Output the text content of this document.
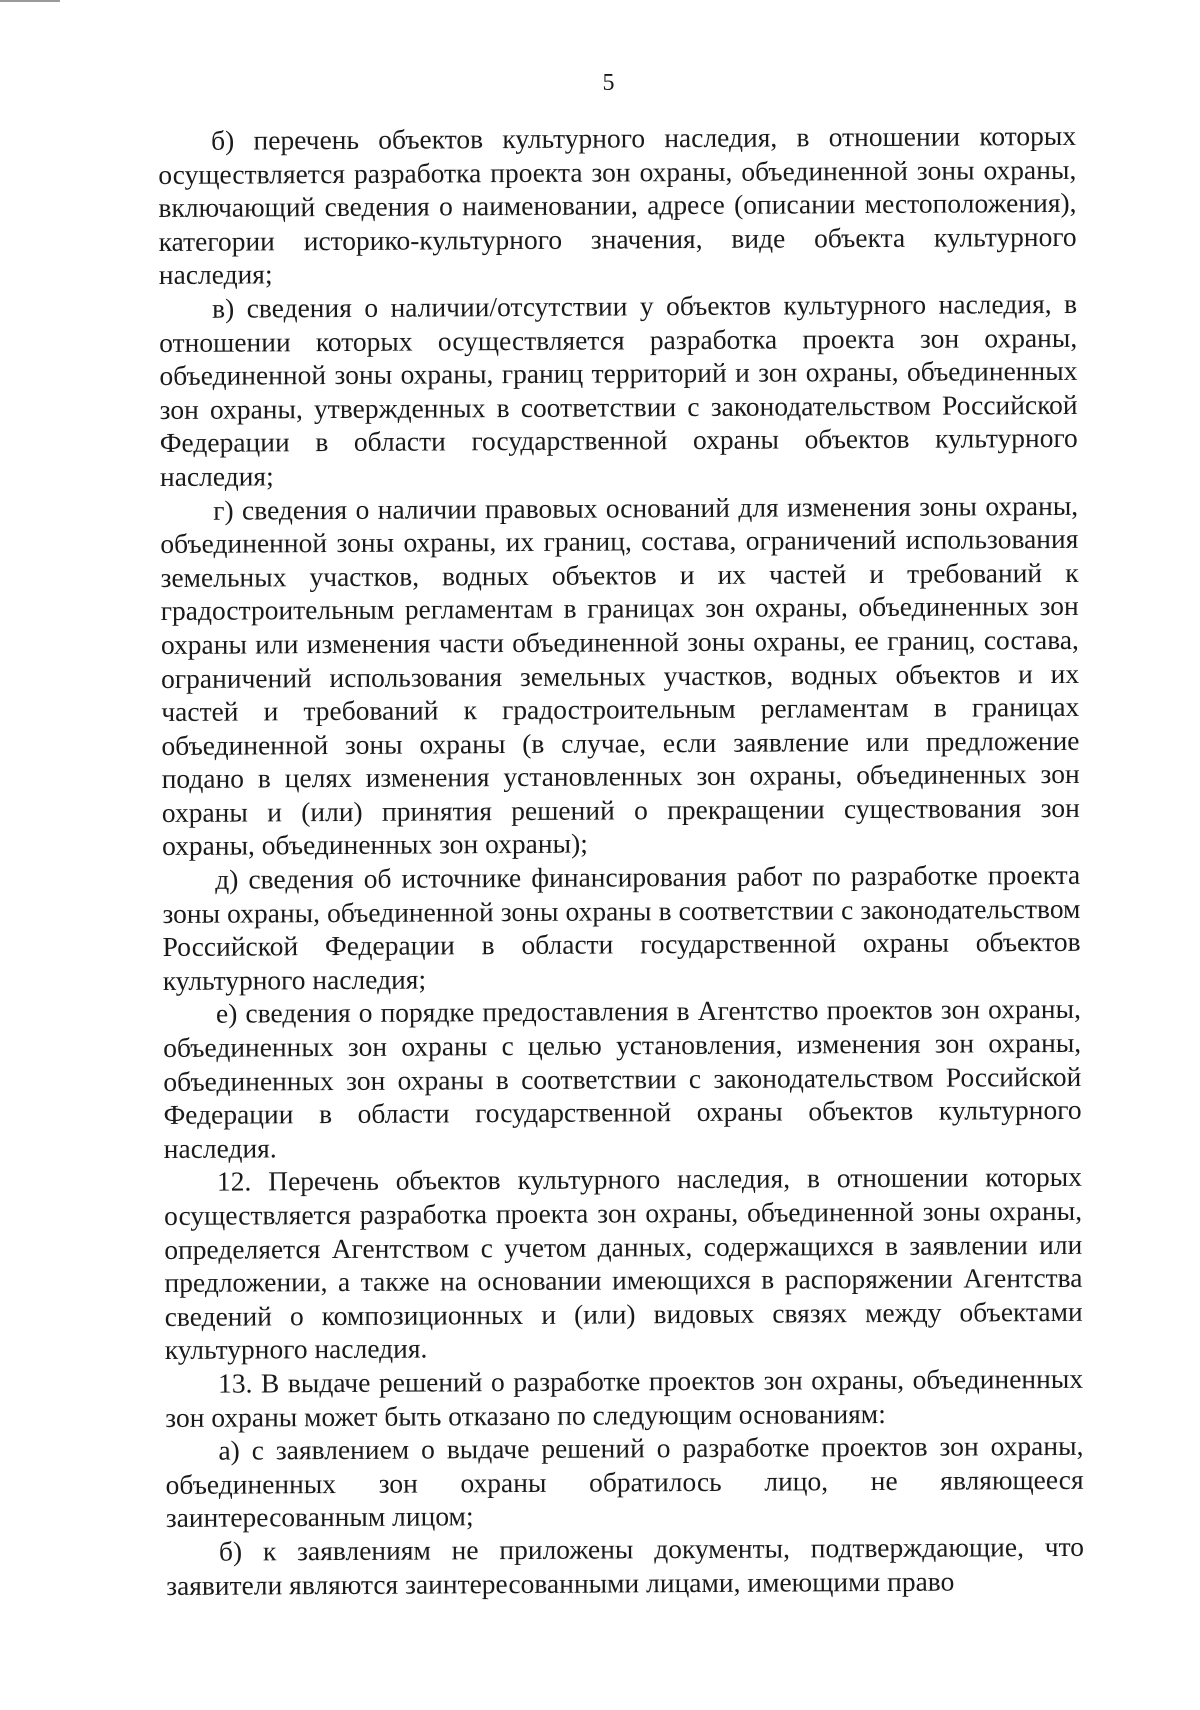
5

б) перечень объектов культурного наследия, в отношении которых осуществляется разработка проекта зон охраны, объединенной зоны охраны, включающий сведения о наименовании, адресе (описании местоположения), категории историко-культурного значения, виде объекта культурного наследия;

в) сведения о наличии/отсутствии у объектов культурного наследия, в отношении которых осуществляется разработка проекта зон охраны, объединенной зоны охраны, границ территорий и зон охраны, объединенных зон охраны, утвержденных в соответствии с законодательством Российской Федерации в области государственной охраны объектов культурного наследия;

г) сведения о наличии правовых оснований для изменения зоны охраны, объединенной зоны охраны, их границ, состава, ограничений использования земельных участков, водных объектов и их частей и требований к градостроительным регламентам в границах зон охраны, объединенных зон охраны или изменения части объединенной зоны охраны, ее границ, состава, ограничений использования земельных участков, водных объектов и их частей и требований к градостроительным регламентам в границах объединенной зоны охраны (в случае, если заявление или предложение подано в целях изменения установленных зон охраны, объединенных зон охраны и (или) принятия решений о прекращении существования зон охраны, объединенных зон охраны);

д) сведения об источнике финансирования работ по разработке проекта зоны охраны, объединенной зоны охраны в соответствии с законодательством Российской Федерации в области государственной охраны объектов культурного наследия;

е) сведения о порядке предоставления в Агентство проектов зон охраны, объединенных зон охраны с целью установления, изменения зон охраны, объединенных зон охраны в соответствии с законодательством Российской Федерации в области государственной охраны объектов культурного наследия.

12. Перечень объектов культурного наследия, в отношении которых осуществляется разработка проекта зон охраны, объединенной зоны охраны, определяется Агентством с учетом данных, содержащихся в заявлении или предложении, а также на основании имеющихся в распоряжении Агентства сведений о композиционных и (или) видовых связях между объектами культурного наследия.

13. В выдаче решений о разработке проектов зон охраны, объединенных зон охраны может быть отказано по следующим основаниям:

а) с заявлением о выдаче решений о разработке проектов зон охраны, объединенных зон охраны обратилось лицо, не являющееся заинтересованным лицом;

б) к заявлениям не приложены документы, подтверждающие, что заявители являются заинтересованными лицами, имеющими право
